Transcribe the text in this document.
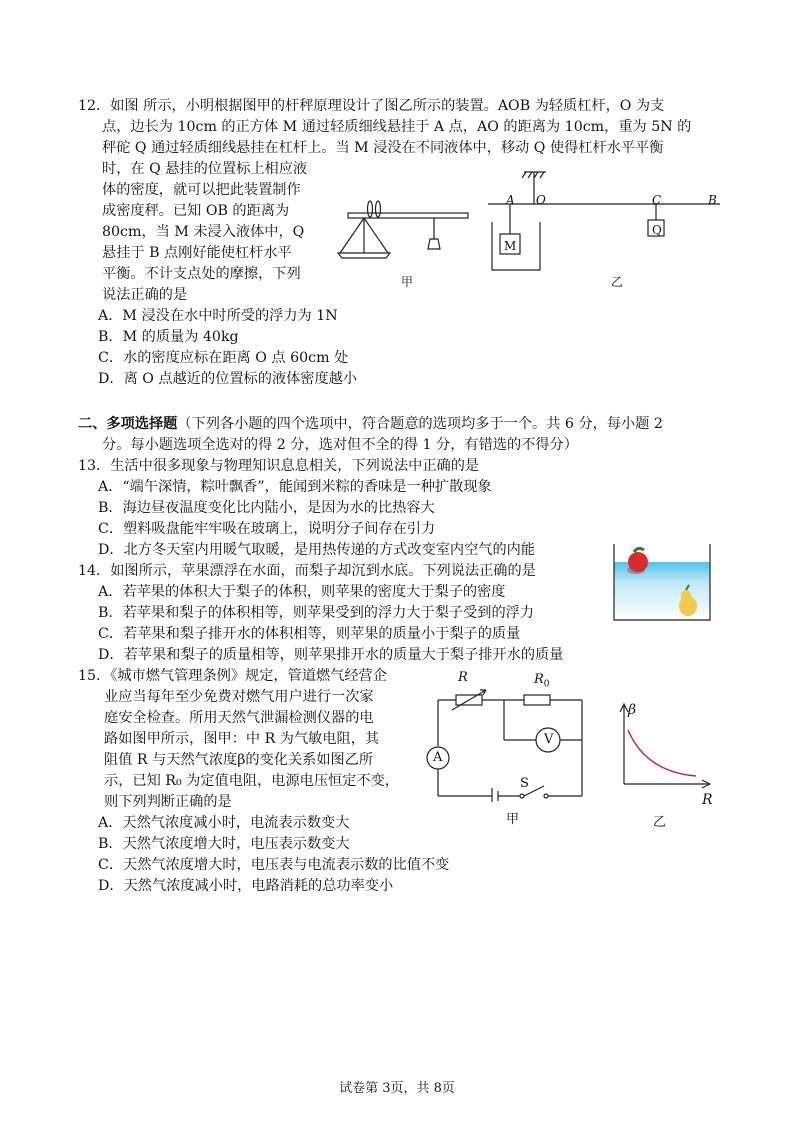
12．如图 所示，小明根据图甲的杆秤原理设计了图乙所示的装置。AOB 为轻质杠杆，O 为支
点，边长为 10cm 的正方体 M 通过轻质细线悬挂于 A 点，AO 的距离为 10cm，重为 5N 的
秤砣 Q 通过轻质细线悬挂在杠杆上。当 M 浸没在不同液体中，移动 Q 使得杠杆水平平衡
时，在 Q 悬挂的位置标上相应液
体的密度，就可以把此装置制作
成密度秤。已知 OB 的距离为
80cm，当 M 未浸入液体中，Q
悬挂于 B 点刚好能使杠杆水平
平衡。不计支点处的摩擦，下列
说法正确的是
A．M 浸没在水中时所受的浮力为 1N
B．M 的质量为 40kg
C．水的密度应标在距离 O 点 60cm 处
D．离 O 点越近的位置标的液体密度越小
甲
A O	C	B
M
Q
乙
二、多项选择题（下列各小题的四个选项中，符合题意的选项均多于一个。共 6 分，每小题 2
分。每小题选项全选对的得 2 分，选对但不全的得 1 分，有错选的不得分）
13．生活中很多现象与物理知识息息相关，下列说法中正确的是
A．“端午深情，粽叶飘香”，能闻到米粽的香味是一种扩散现象
B．海边昼夜温度变化比内陆小，是因为水的比热容大
C．塑料吸盘能牢牢吸在玻璃上，说明分子间存在引力
D．北方冬天室内用暖气取暖，是用热传递的方式改变室内空气的内能
14．如图所示，苹果漂浮在水面，而梨子却沉到水底。下列说法正确的是
A．若苹果的体积大于梨子的体积，则苹果的密度大于梨子的密度
B．若苹果和梨子的体积相等，则苹果受到的浮力大于梨子受到的浮力
C．若苹果和梨子排开水的体积相等，则苹果的质量小于梨子的质量
D．若苹果和梨子的质量相等，则苹果排开水的质量大于梨子排开水的质量
15．《城市燃气管理条例》规定，管道燃气经营企
业应当每年至少免费对燃气用户进行一次家
庭安全检查。所用天然气泄漏检测仪器的电
路如图甲所示，图甲：中 R 为气敏电阻，其
阻值 R 与天然气浓度β的变化关系如图乙所
示，已知 R₀ 为定值电阻，电源电压恒定不变，
则下列判断正确的是
A．天然气浓度减小时，电流表示数变大
B．天然气浓度增大时，电压表示数变大
C．天然气浓度增大时，电压表与电流表示数的比值不变
D．天然气浓度减小时，电路消耗的总功率变小
R	$R_0$
V
A
S
甲
β
R
乙
试卷第 3页，共 8页
